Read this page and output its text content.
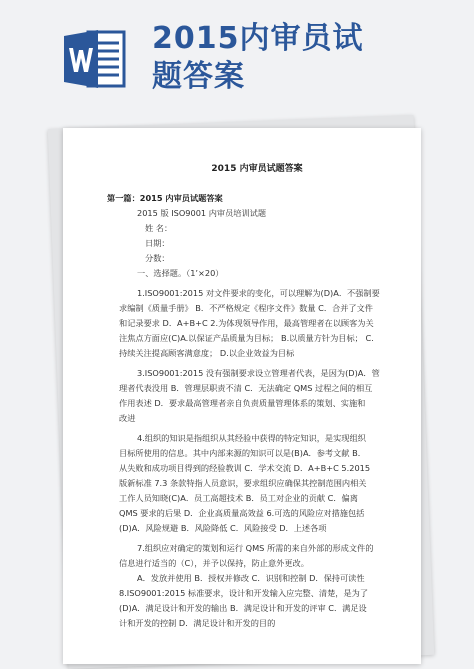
2015内审员试
题答案
2015 内审员试题答案
第一篇：2015 内审员试题答案
2015 版 ISO9001 内审员培训试题
姓 名：
日期：
分数：
一、选择题。（1’×20）
1.ISO9001:2015 对文件要求的变化，可以理解为(D)A．不强制要
求编制《质量手册》 B．不严格规定《程序文件》数量 C．合并了文件
和记录要求 D．A+B+C 2.为体现领导作用，最高管理者在以顾客为关
注焦点方面应(C)A.以保证产品质量为目标； B.以质量方针为目标； C.
持续关注提高顾客满意度； D.以企业效益为目标
3.ISO9001:2015 没有强制要求设立管理者代表，是因为(D)A．管
理者代表没用 B．管理层职责不清 C．无法确定 QMS 过程之间的相互
作用表述 D．要求最高管理者亲自负责质量管理体系的策划、实施和
改进
4.组织的知识是指组织从其经验中获得的特定知识，是实现组织
目标所使用的信息。其中内部来源的知识可以是(B)A．参考文献 B．
从失败和成功项目得到的经验教训 C．学术交流 D．A+B+C 5.2015
版新标准 7.3 条款特指人员意识，要求组织应确保其控制范围内相关
工作人员知晓(C)A．员工高超技术 B．员工对企业的贡献 C．偏离
QMS 要求的后果 D．企业高质量高效益 6.可选的风险应对措施包括
(D)A．风险规避 B．风险降低 C．风险接受 D．上述各项
7.组织应对确定的策划和运行 QMS 所需的来自外部的形成文件的
信息进行适当的（C），并予以保持，防止意外更改。
A．发放并使用 B．授权并修改 C．识别和控制 D．保持可读性
8.ISO9001:2015 标准要求，设计和开发输入应完整、清楚，是为了
(D)A．满足设计和开发的输出 B．满足设计和开发的评审 C．满足设
计和开发的控制 D．满足设计和开发的目的
